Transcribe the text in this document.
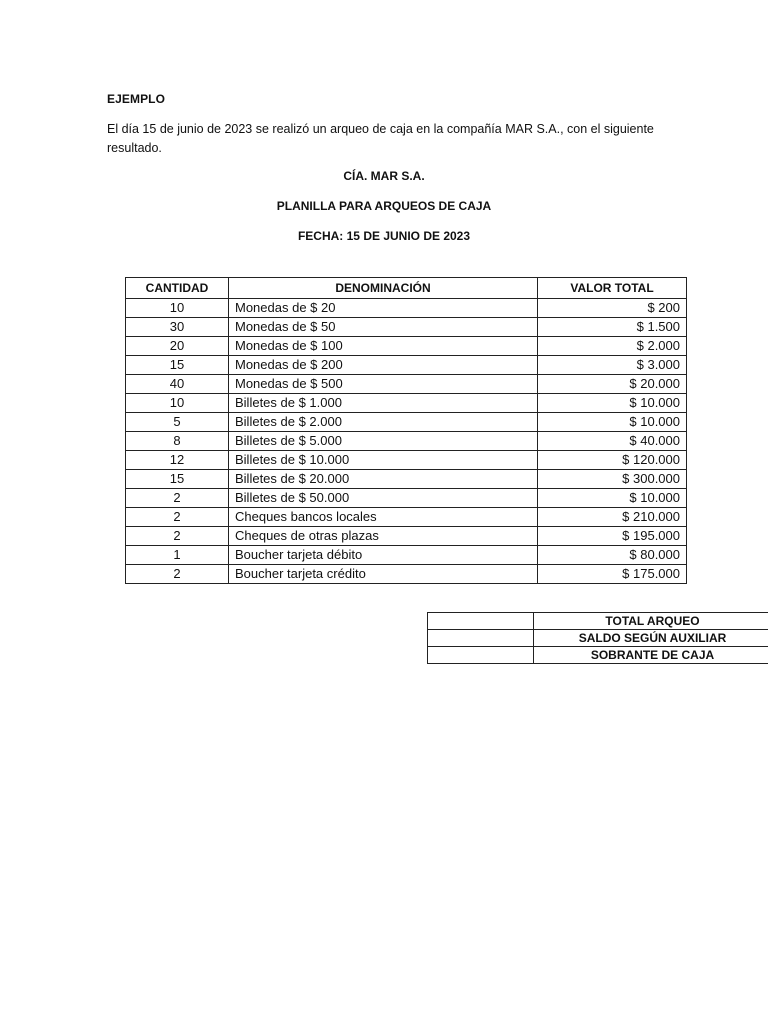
EJEMPLO
El día 15 de junio de 2023 se realizó un arqueo de caja en la compañía MAR S.A., con el siguiente resultado.
CÍA. MAR S.A.
PLANILLA PARA ARQUEOS DE CAJA
FECHA: 15 DE JUNIO DE 2023
CANTIDAD	DENOMINACIÓN	VALOR TOTAL
10	Monedas de $ 20	$ 200
30	Monedas de $ 50	$ 1.500
20	Monedas de $ 100	$ 2.000
15	Monedas de $ 200	$ 3.000
40	Monedas de $ 500	$ 20.000
10	Billetes de $ 1.000	$ 10.000
5	Billetes de $ 2.000	$ 10.000
8	Billetes de $ 5.000	$ 40.000
12	Billetes de $ 10.000	$ 120.000
15	Billetes de $ 20.000	$ 300.000
2	Billetes de $ 50.000	$ 10.000
2	Cheques bancos locales	$ 210.000
2	Cheques de otras plazas	$ 195.000
1	Boucher tarjeta débito	$ 80.000
2	Boucher tarjeta crédito	$ 175.000
	TOTAL ARQUEO
	SALDO SEGÚN AUXILIAR
	SOBRANTE DE CAJA
